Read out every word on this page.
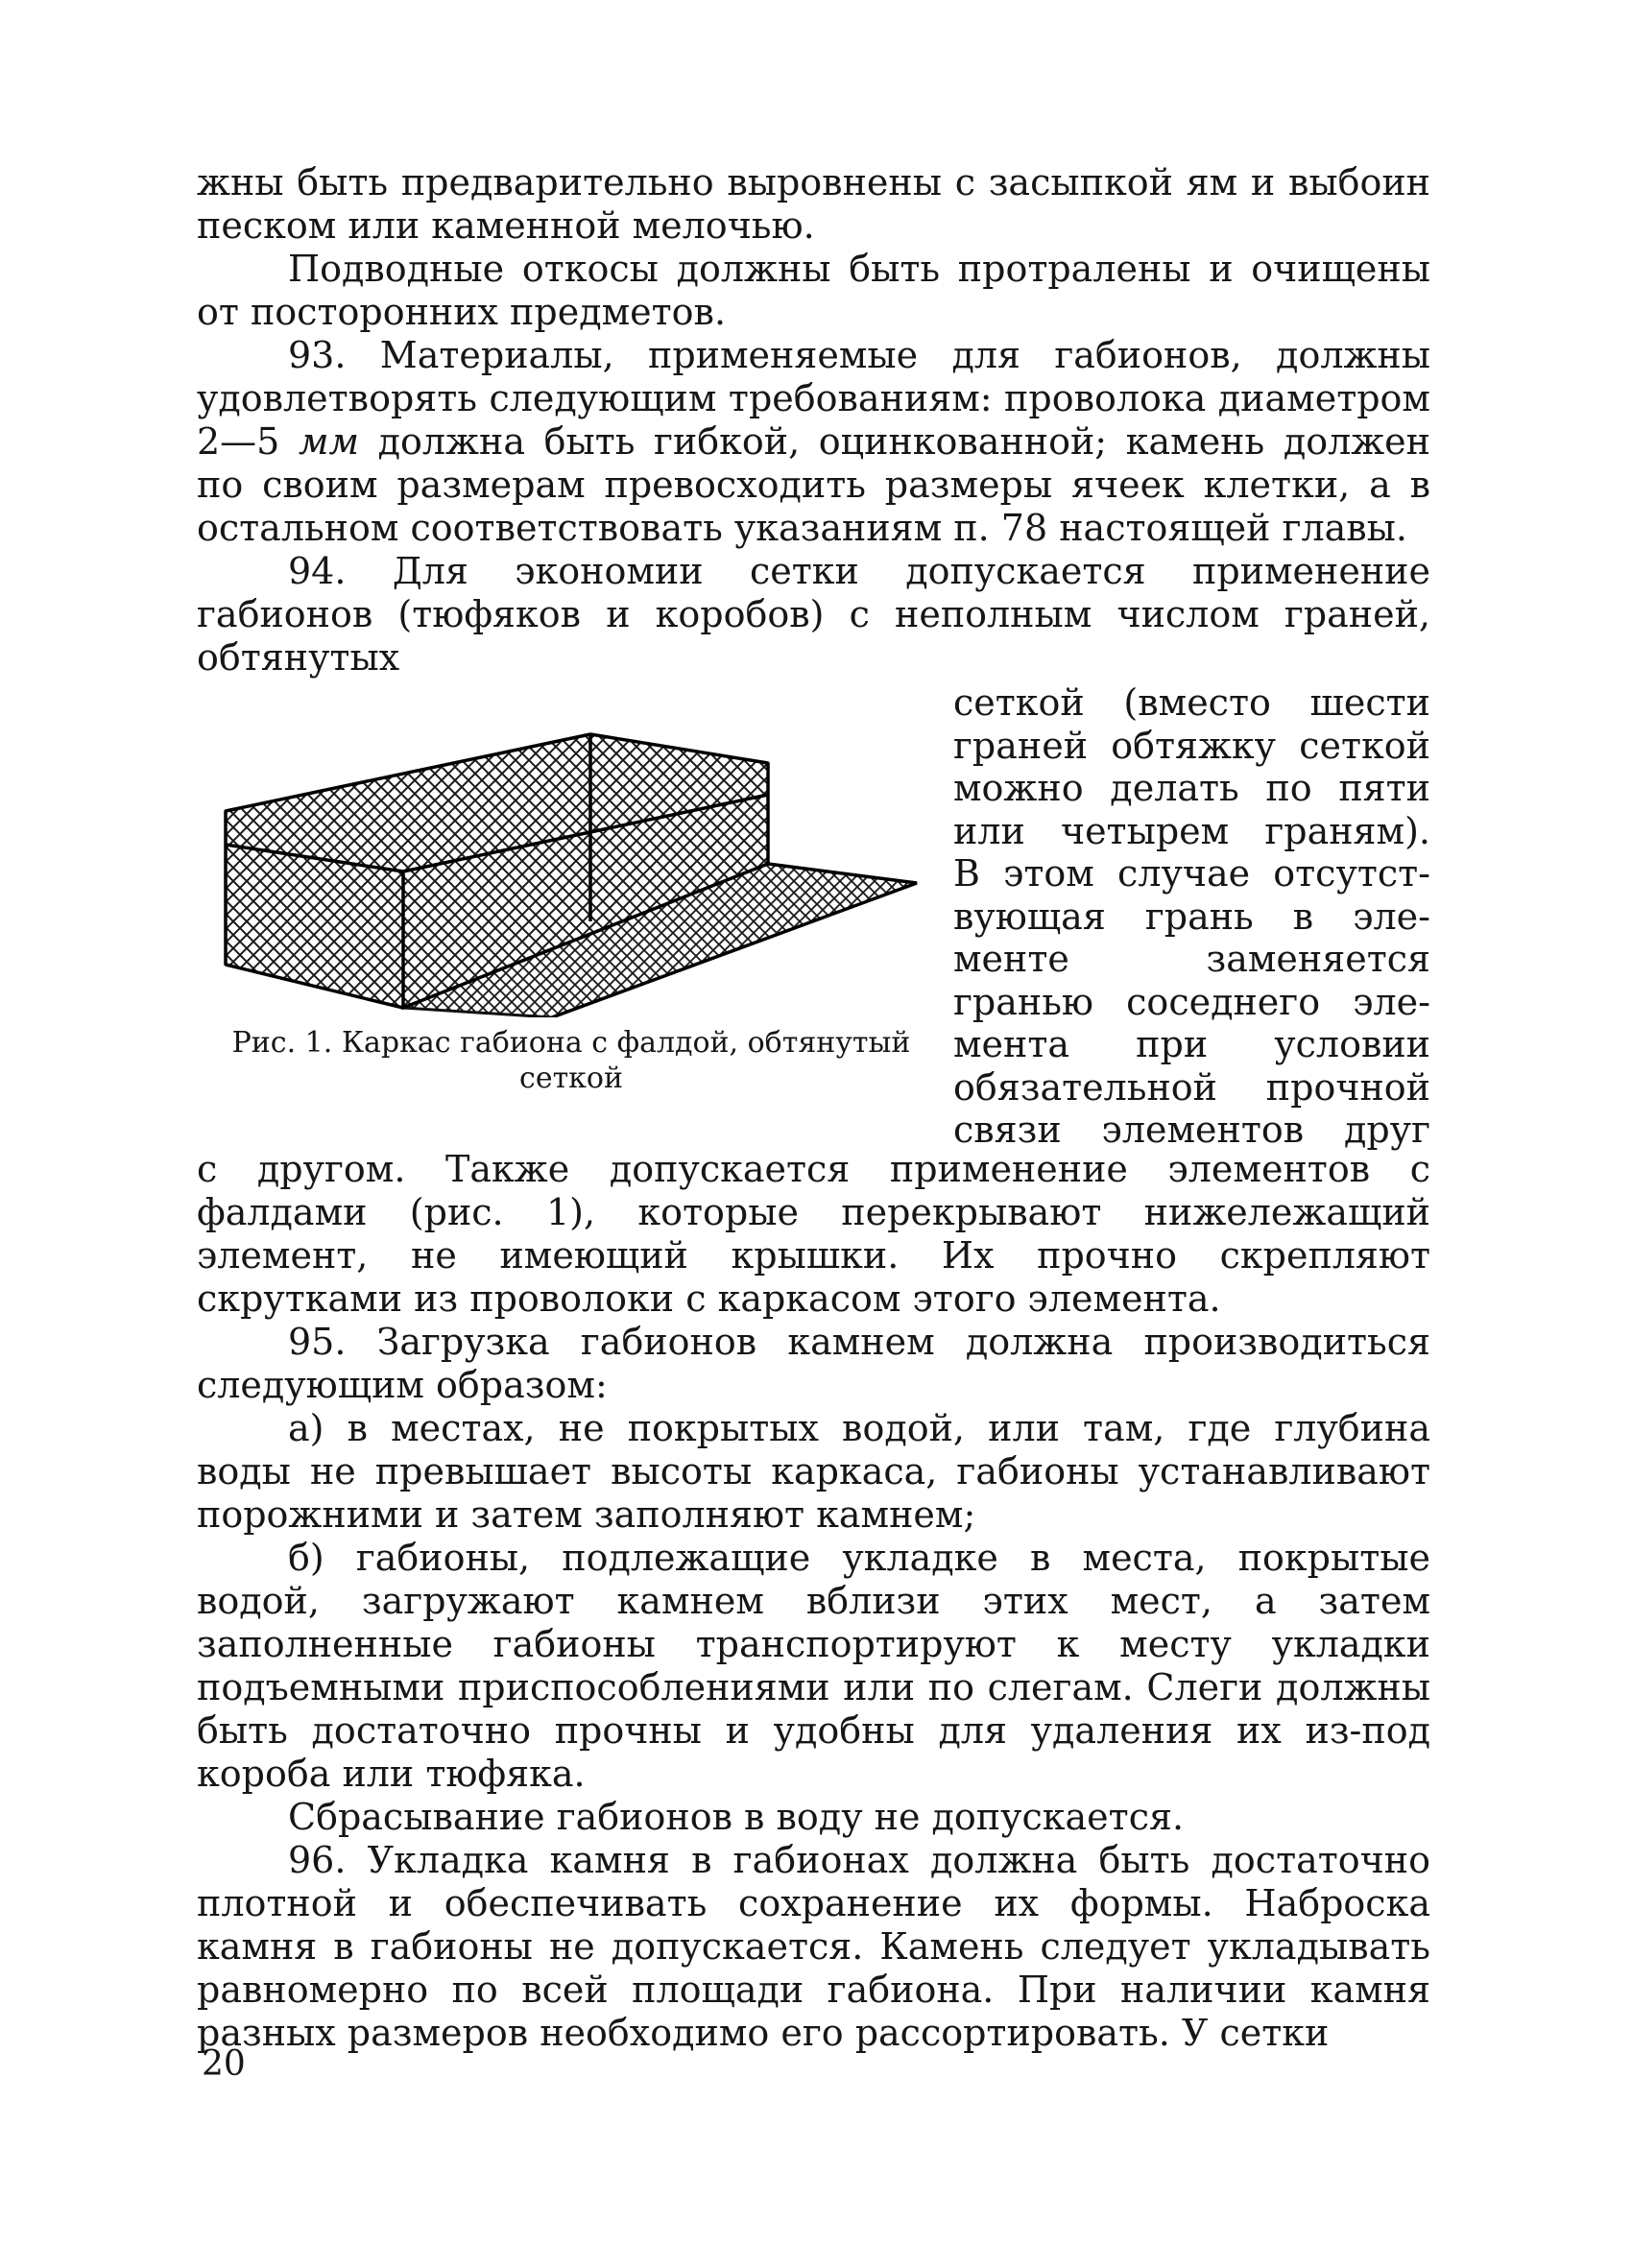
жны быть предварительно выровнены с засыпкой ям и выбоин песком или каменной мелочью.

Подводные откосы должны быть протралены и очищены от посторонних предметов.

93. Материалы, применяемые для габионов, должны удовлетворять следующим требованиям: проволока диаметром 2—5 мм должна быть гибкой, оцинкованной; камень должен по своим размерам превосходить размеры ячеек клетки, а в остальном соответствовать указаниям п. 78 настоящей главы.

94. Для экономии сетки допускается применение габионов (тюфяков и коробов) с неполным числом граней, обтянутых

сеткой (вместо шести
граней обтяжку сеткой
можно делать по пяти
или четырем граням).
В этом случае отсутст-
вующая грань в эле-
менте заменяется
гранью соседнего эле-
мента при условии
обязательной прочной
связи элементов друг
Рис. 1. Каркас габиона с фалдой, обтянутый сеткой

с другом. Также допускается применение элементов с фалдами (рис. 1), которые перекрывают нижележащий элемент, не имеющий крышки. Их прочно скрепляют скрутками из проволоки с каркасом этого элемента.

95. Загрузка габионов камнем должна производиться следующим образом:

а) в местах, не покрытых водой, или там, где глубина воды не превышает высоты каркаса, габионы устанавливают порожними и затем заполняют камнем;

б) габионы, подлежащие укладке в места, покрытые водой, загружают камнем вблизи этих мест, а затем заполненные габионы транспортируют к месту укладки подъемными приспособлениями или по слегам. Слеги должны быть достаточно прочны и удобны для удаления их из-под короба или тюфяка.

Сбрасывание габионов в воду не допускается.

96. Укладка камня в габионах должна быть достаточно плотной и обеспечивать сохранение их формы. Наброска камня в габионы не допускается. Камень следует укладывать равномерно по всей площади габиона. При наличии камня разных размеров необходимо его рассортировать. У сетки

20
